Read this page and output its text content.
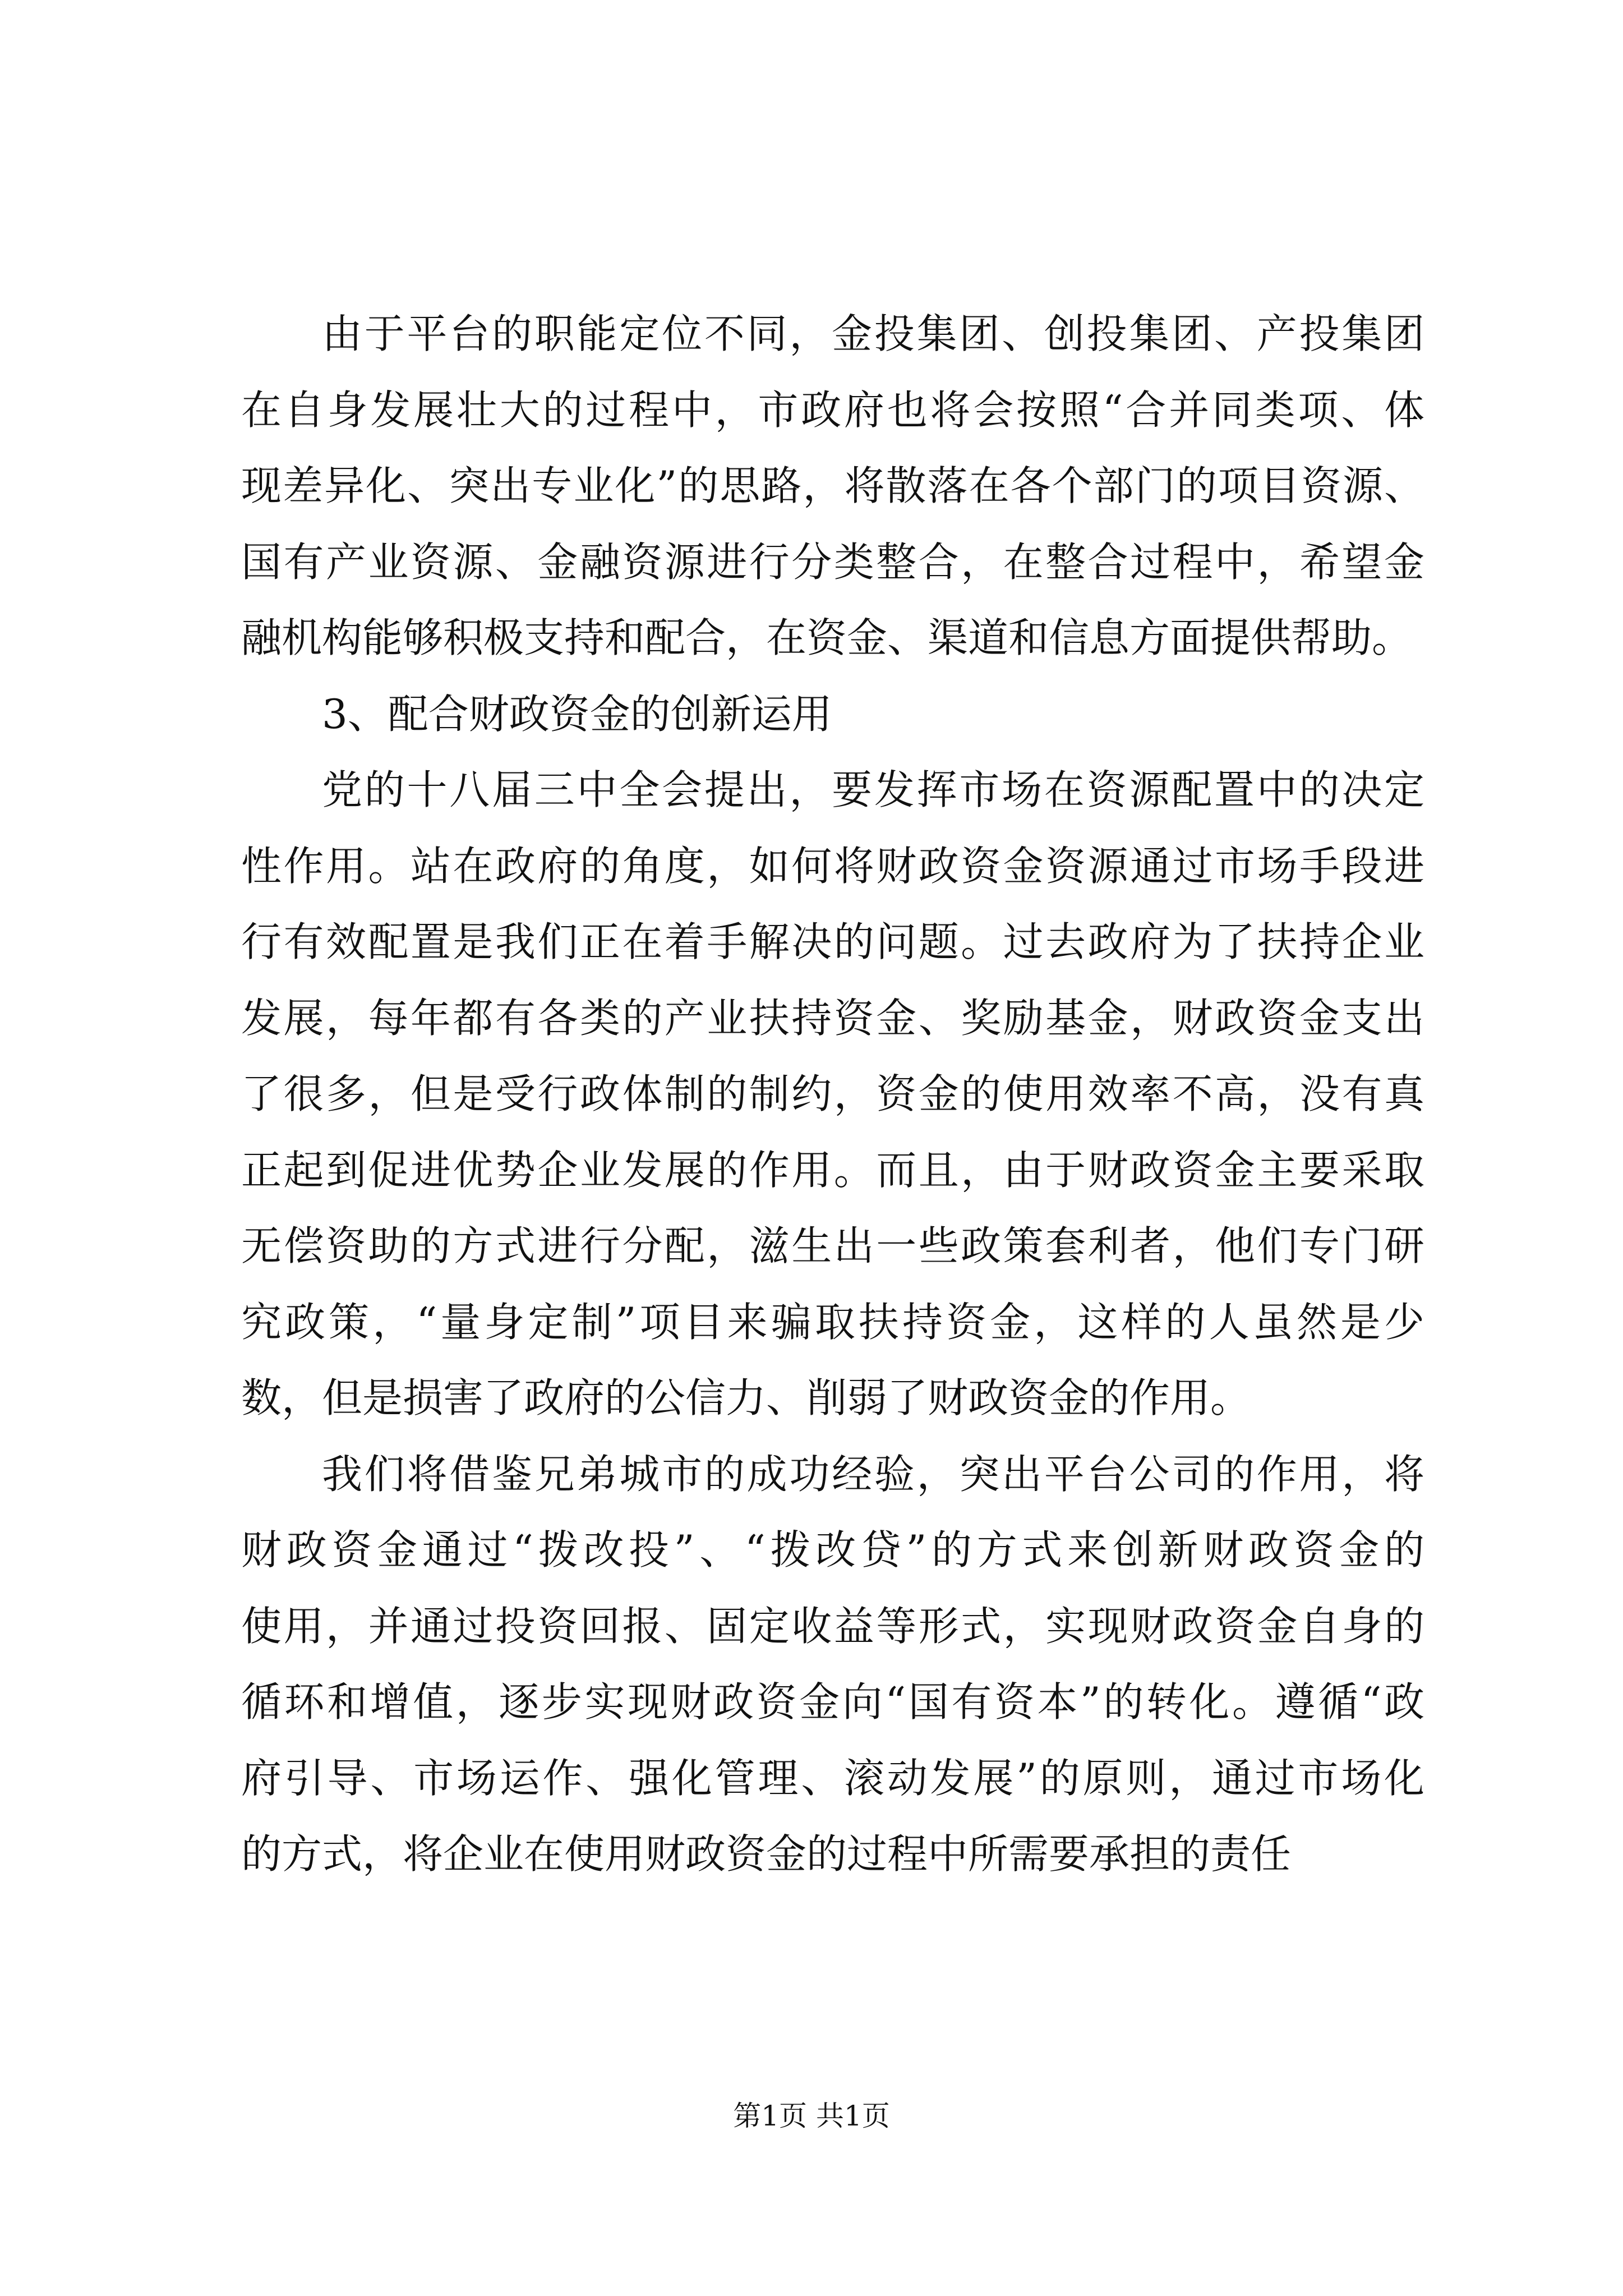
由于平台的职能定位不同，金投集团、创投集团、产投集团
在自身发展壮大的过程中，市政府也将会按照“合并同类项、体
现差异化、突出专业化”的思路，将散落在各个部门的项目资源、
国有产业资源、金融资源进行分类整合，在整合过程中，希望金
融机构能够积极支持和配合，在资金、渠道和信息方面提供帮助。
3、配合财政资金的创新运用
党的十八届三中全会提出，要发挥市场在资源配置中的决定
性作用。站在政府的角度，如何将财政资金资源通过市场手段进
行有效配置是我们正在着手解决的问题。过去政府为了扶持企业
发展，每年都有各类的产业扶持资金、奖励基金，财政资金支出
了很多，但是受行政体制的制约，资金的使用效率不高，没有真
正起到促进优势企业发展的作用。而且，由于财政资金主要采取
无偿资助的方式进行分配，滋生出一些政策套利者，他们专门研
究政策，“量身定制”项目来骗取扶持资金，这样的人虽然是少
数，但是损害了政府的公信力、削弱了财政资金的作用。
我们将借鉴兄弟城市的成功经验，突出平台公司的作用，将
财政资金通过“拨改投”、“拨改贷”的方式来创新财政资金的
使用，并通过投资回报、固定收益等形式，实现财政资金自身的
循环和增值，逐步实现财政资金向“国有资本”的转化。遵循“政
府引导、市场运作、强化管理、滚动发展”的原则，通过市场化
的方式，将企业在使用财政资金的过程中所需要承担的责任
第1页 共1页
